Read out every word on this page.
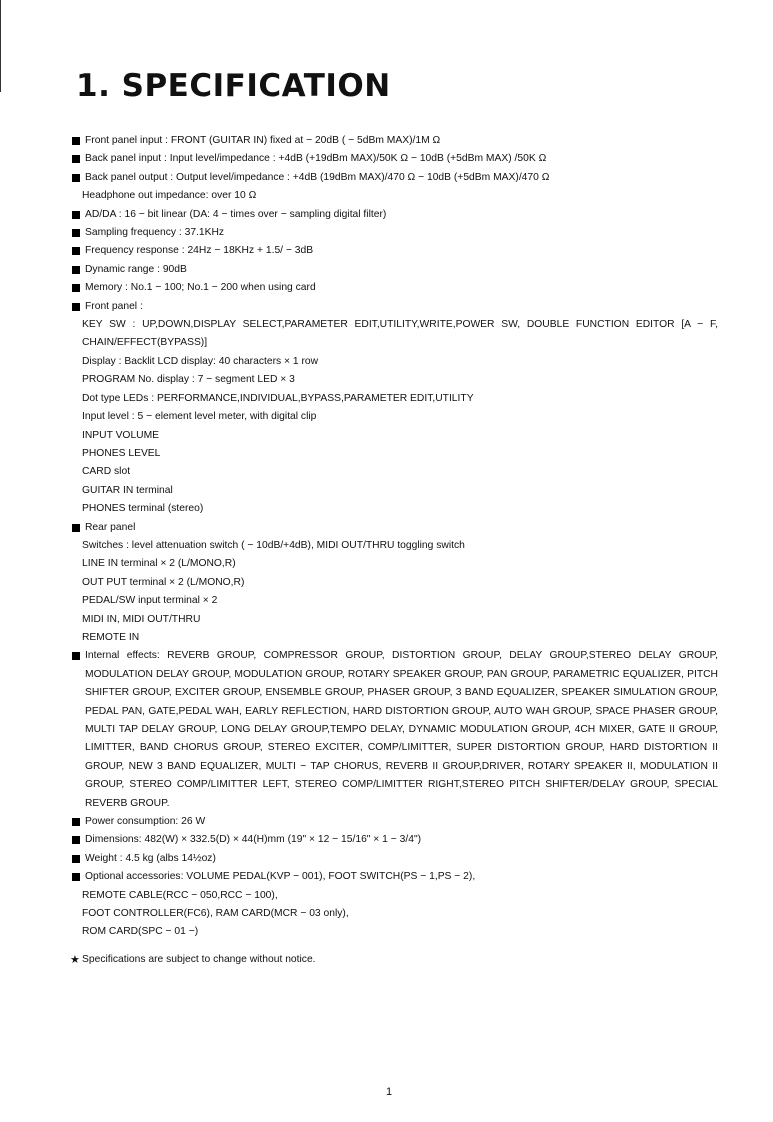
1. SPECIFICATION
Front panel input : FRONT (GUITAR IN) fixed at − 20dB ( − 5dBm MAX)/1M Ω
Back panel input : Input level/impedance : +4dB (+19dBm MAX)/50K Ω − 10dB (+5dBm MAX) /50K Ω
Back panel output : Output level/impedance : +4dB (19dBm MAX)/470 Ω − 10dB (+5dBm MAX)/470 Ω
Headphone out impedance: over 10 Ω
AD/DA : 16 − bit linear (DA: 4 − times over − sampling digital filter)
Sampling frequency : 37.1KHz
Frequency response : 24Hz − 18KHz + 1.5/ − 3dB
Dynamic range : 90dB
Memory : No.1 − 100; No.1 − 200 when using card
Front panel :
KEY SW : UP,DOWN,DISPLAY SELECT,PARAMETER EDIT,UTILITY,WRITE,POWER SW, DOUBLE FUNCTION EDITOR [A − F, CHAIN/EFFECT(BYPASS)]
Display : Backlit LCD display: 40 characters × 1 row
PROGRAM No. display : 7 − segment LED × 3
Dot type LEDs : PERFORMANCE,INDIVIDUAL,BYPASS,PARAMETER EDIT,UTILITY
Input level : 5 − element level meter, with digital clip
INPUT VOLUME
PHONES LEVEL
CARD slot
GUITAR IN terminal
PHONES terminal (stereo)
Rear panel
Switches : level attenuation switch ( − 10dB/+4dB), MIDI OUT/THRU toggling switch
LINE IN terminal × 2 (L/MONO,R)
OUT PUT terminal × 2 (L/MONO,R)
PEDAL/SW input terminal × 2
MIDI IN, MIDI OUT/THRU
REMOTE IN
Internal effects: REVERB GROUP, COMPRESSOR GROUP, DISTORTION GROUP, DELAY GROUP,STEREO DELAY GROUP, MODULATION DELAY GROUP, MODULATION GROUP, ROTARY SPEAKER GROUP, PAN GROUP, PARAMETRIC EQUALIZER, PITCH SHIFTER GROUP, EXCITER GROUP, ENSEMBLE GROUP, PHASER GROUP, 3 BAND EQUALIZER, SPEAKER SIMULATION GROUP, PEDAL PAN, GATE,PEDAL WAH, EARLY REFLECTION, HARD DISTORTION GROUP, AUTO WAH GROUP, SPACE PHASER GROUP, MULTI TAP DELAY GROUP, LONG DELAY GROUP,TEMPO DELAY, DYNAMIC MODULATION GROUP, 4CH MIXER, GATE II GROUP, LIMITTER, BAND CHORUS GROUP, STEREO EXCITER, COMP/LIMITTER, SUPER DISTORTION GROUP, HARD DISTORTION II GROUP, NEW 3 BAND EQUALIZER, MULTI − TAP CHORUS, REVERB II GROUP,DRIVER, ROTARY SPEAKER II, MODULATION II GROUP, STEREO COMP/LIMITTER LEFT, STEREO COMP/LIMITTER RIGHT,STEREO PITCH SHIFTER/DELAY GROUP, SPECIAL REVERB GROUP.
Power consumption: 26 W
Dimensions: 482(W) × 332.5(D) × 44(H)mm (19" × 12 − 15/16" × 1 − 3/4")
Weight : 4.5 kg (albs 14½oz)
Optional accessories: VOLUME PEDAL(KVP − 001), FOOT SWITCH(PS − 1,PS − 2),
REMOTE CABLE(RCC − 050,RCC − 100),
FOOT CONTROLLER(FC6), RAM CARD(MCR − 03 only),
ROM CARD(SPC − 01 −)
★ Specifications are subject to change without notice.
1
